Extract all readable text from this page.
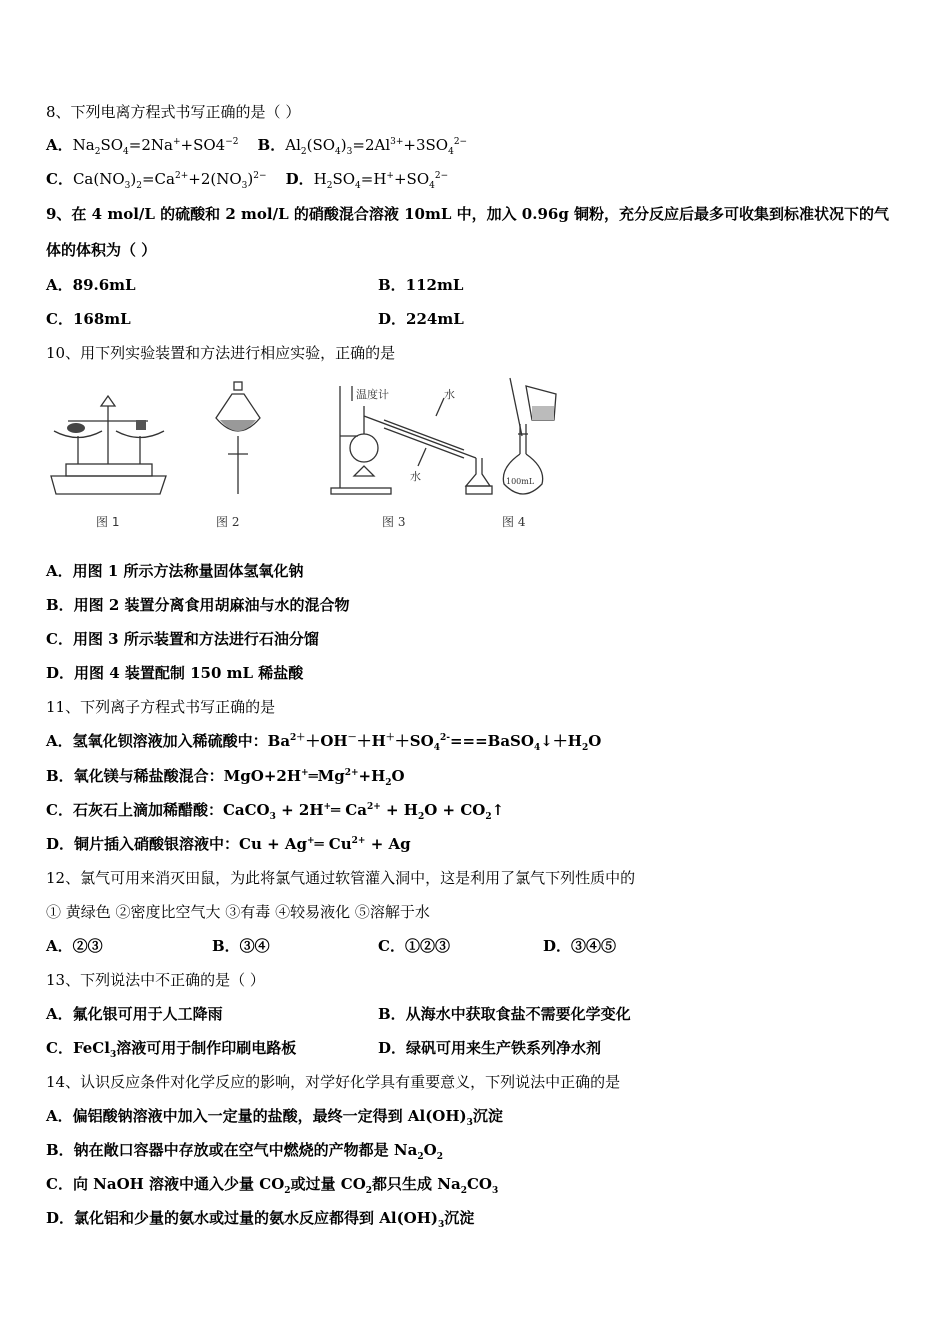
8、下列电离方程式书写正确的是（ ）
A．$Na_2SO_4=2Na^++SO4^{-2}$ B．$Al_2(SO_4)_3=2Al^{3+}+3SO_4^{2-}$
C．$Ca(NO_3)_2=Ca^{2+}+2(NO_3)^{2-}$ D．$H_2SO_4=H^++SO_4^{2-}$
9、在 4 mol/L 的硫酸和 2 mol/L 的硝酸混合溶液 10mL 中，加入 0.96g 铜粉，充分反应后最多可收集到标准状况下的气
体的体积为（ ）
A．89.6mL	B．112mL
C．168mL	D．224mL
10、用下列实验装置和方法进行相应实验，正确的是
图 1	图 2
温度计	水
水
图 3
100mL
图 4
A．用图 1 所示方法称量固体氢氧化钠
B．用图 2 装置分离食用胡麻油与水的混合物
C．用图 3 所示装置和方法进行石油分馏
D．用图 4 装置配制 150 mL 稀盐酸
11、下列离子方程式书写正确的是
A．氢氧化钡溶液加入稀硫酸中：$Ba^{2+}+OH^-+H^++SO_4^{2-}===BaSO_4↓+H_2O$
B．氧化镁与稀盐酸混合：$MgO+2H^+═Mg^{2+}+H_2O$
C．石灰石上滴加稀醋酸：CaCO$_3$ + 2H+═ $Ca^{2+} + H_2O$ + $CO_2↑$
D．铜片插入硝酸银溶液中：Cu + Ag+═ $Cu^{2+} + Ag$
12、氯气可用来消灭田鼠，为此将氯气通过软管灌入洞中，这是利用了氯气下列性质中的
① 黄绿色 ②密度比空气大 ③有毒 ④较易液化 ⑤溶解于水
A．②③	B．③④	C．①②③	D．③④⑤
13、下列说法中不正确的是（ ）
A．氟化银可用于人工降雨	B．从海水中获取食盐不需要化学变化
C．FeCl$_3$溶液可用于制作印刷电路板	D．绿矾可用来生产铁系列净水剂
14、认识反应条件对化学反应的影响，对学好化学具有重要意义，下列说法中正确的是
A．偏铝酸钠溶液中加入一定量的盐酸，最终一定得到 $Al(OH)_3$沉淀
B．钠在敞口容器中存放或在空气中燃烧的产物都是 $Na_2O_2$
C．向 NaOH 溶液中通入少量 $CO_2$或过量 $CO_2$都只生成 $Na_2CO_3$
D．氯化铝和少量的氨水或过量的氨水反应都得到 $Al(OH)_3$沉淀
